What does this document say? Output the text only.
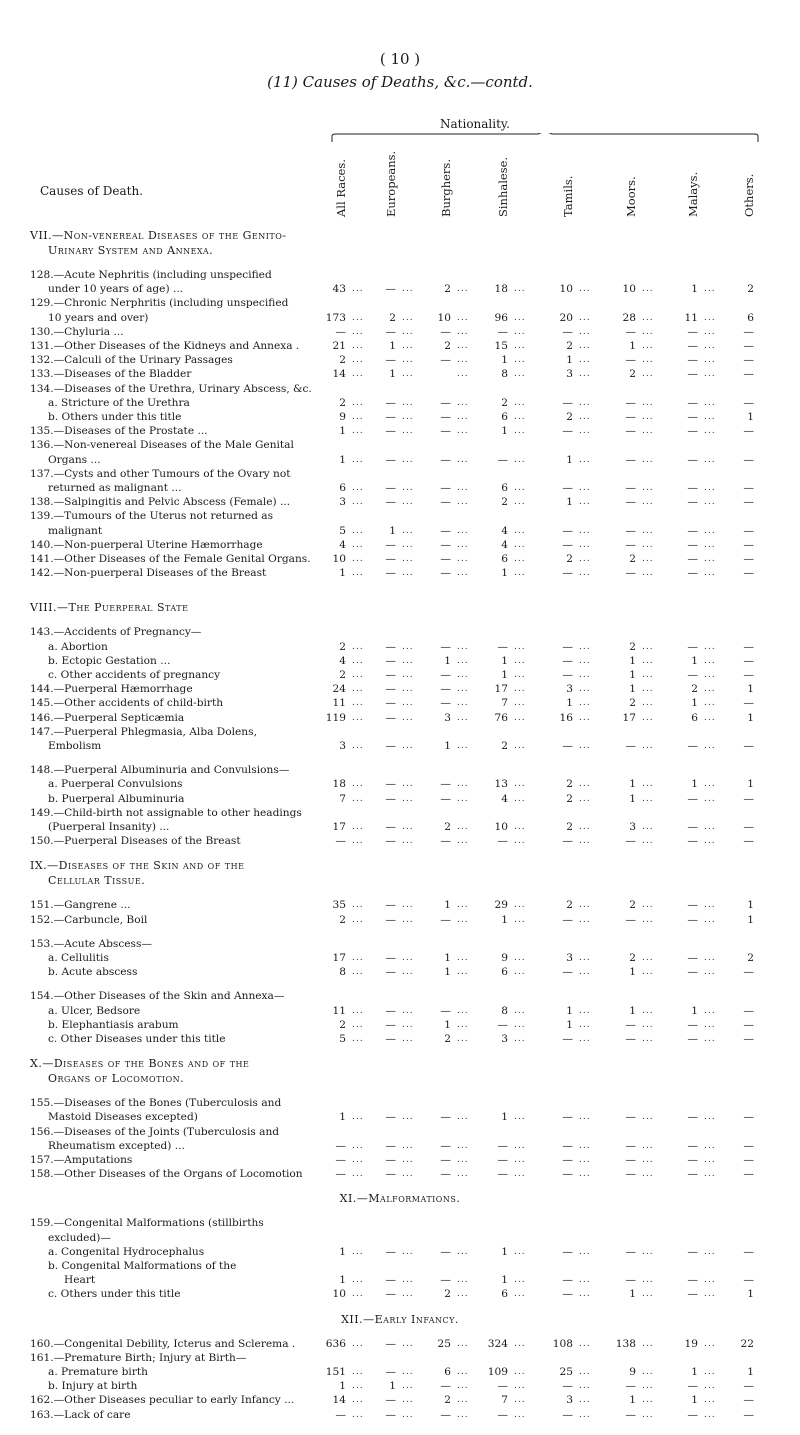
( 10 )
(11) Causes of Deaths, &c.—contd.
Nationality.
Causes of Death.	All Races.	Europeans.	Burghers.	Sinhalese.	Tamils.	Moors.	Malays.	Others.
VII.—Non-venereal Diseases of the Genito-
Urinary System and Annexa.
128.—Acute Nephritis (including unspecified
under 10 years of age) ...	43 ...	— ...	2 ...	18 ...	10 ...	10 ...	1 ...	2
129.—Chronic Nerphritis (including unspecified
10 years and over)	173 ...	2 ...	10 ...	96 ...	20 ...	28 ...	11 ...	6
130.—Chyluria ...	— ...	— ...	— ...	— ...	— ...	— ...	— ...	—
131.—Other Diseases of the Kidneys and Annexa .	21 ...	1 ...	2 ...	15 ...	2 ...	1 ...	— ...	—
132.—Calculi of the Urinary Passages	2 ...	— ...	— ...	1 ...	1 ...	— ...	— ...	—
133.—Diseases of the Bladder	14 ...	1 ...	...	8 ...	3 ...	2 ...	— ...	—
134.—Diseases of the Urethra, Urinary Abscess, &c.
a. Stricture of the Urethra	2 ...	— ...	— ...	2 ...	— ...	— ...	— ...	—
b. Others under this title	9 ...	— ...	— ...	6 ...	2 ...	— ...	— ...	1
135.—Diseases of the Prostate ...	1 ...	— ...	— ...	1 ...	— ...	— ...	— ...	—
136.—Non-venereal Diseases of the Male Genital
Organs ...	1 ...	— ...	— ...	— ...	1 ...	— ...	— ...	—
137.—Cysts and other Tumours of the Ovary not
returned as malignant ...	6 ...	— ...	— ...	6 ...	— ...	— ...	— ...	—
138.—Salpingitis and Pelvic Abscess (Female) ...	3 ...	— ...	— ...	2 ...	1 ...	— ...	— ...	—
139.—Tumours of the Uterus not returned as
malignant	5 ...	1 ...	— ...	4 ...	— ...	— ...	— ...	—
140.—Non-puerperal Uterine Hæmorrhage	4 ...	— ...	— ...	4 ...	— ...	— ...	— ...	—
141.—Other Diseases of the Female Genital Organs.	10 ...	— ...	— ...	6 ...	2 ...	2 ...	— ...	—
142.—Non-puerperal Diseases of the Breast	1 ...	— ...	— ...	1 ...	— ...	— ...	— ...	—
VIII.—The Puerperal State
143.—Accidents of Pregnancy—
a. Abortion	2 ...	— ...	— ...	— ...	— ...	2 ...	— ...	—
b. Ectopic Gestation ...	4 ...	— ...	1 ...	1 ...	— ...	1 ...	1 ...	—
c. Other accidents of pregnancy	2 ...	— ...	— ...	1 ...	— ...	1 ...	— ...	—
144.—Puerperal Hæmorrhage	24 ...	— ...	— ...	17 ...	3 ...	1 ...	2 ...	1
145.—Other accidents of child-birth	11 ...	— ...	— ...	7 ...	1 ...	2 ...	1 ...	—
146.—Puerperal Septicæmia	119 ...	— ...	3 ...	76 ...	16 ...	17 ...	6 ...	1
147.—Puerperal Phlegmasia, Alba Dolens,
Embolism	3 ...	— ...	1 ...	2 ...	— ...	— ...	— ...	—
148.—Puerperal Albuminuria and Convulsions—
a. Puerperal Convulsions	18 ...	— ...	— ...	13 ...	2 ...	1 ...	1 ...	1
b. Puerperal Albuminuria	7 ...	— ...	— ...	4 ...	2 ...	1 ...	— ...	—
149.—Child-birth not assignable to other headings
(Puerperal Insanity) ...	17 ...	— ...	2 ...	10 ...	2 ...	3 ...	— ...	—
150.—Puerperal Diseases of the Breast	— ...	— ...	— ...	— ...	— ...	— ...	— ...	—
IX.—Diseases of the Skin and of the
Cellular Tissue.
151.—Gangrene ...	35 ...	— ...	1 ...	29 ...	2 ...	2 ...	— ...	1
152.—Carbuncle, Boil	2 ...	— ...	— ...	1 ...	— ...	— ...	— ...	1
153.—Acute Abscess—
a. Cellulitis	17 ...	— ...	1 ...	9 ...	3 ...	2 ...	— ...	2
b. Acute abscess	8 ...	— ...	1 ...	6 ...	— ...	1 ...	— ...	—
154.—Other Diseases of the Skin and Annexa—
a. Ulcer, Bedsore	11 ...	— ...	— ...	8 ...	1 ...	1 ...	1 ...	—
b. Elephantiasis arabum	2 ...	— ...	1 ...	— ...	1 ...	— ...	— ...	—
c. Other Diseases under this title	5 ...	— ...	2 ...	3 ...	— ...	— ...	— ...	—
X.—Diseases of the Bones and of the
Organs of Locomotion.
155.—Diseases of the Bones (Tuberculosis and
Mastoid Diseases excepted)	1 ...	— ...	— ...	1 ...	— ...	— ...	— ...	—
156.—Diseases of the Joints (Tuberculosis and
Rheumatism excepted) ...	— ...	— ...	— ...	— ...	— ...	— ...	— ...	—
157.—Amputations	— ...	— ...	— ...	— ...	— ...	— ...	— ...	—
158.—Other Diseases of the Organs of Locomotion	— ...	— ...	— ...	— ...	— ...	— ...	— ...	—
XI.—Malformations.
159.—Congenital Malformations (stillbirths
excluded)—
a. Congenital Hydrocephalus	1 ...	— ...	— ...	1 ...	— ...	— ...	— ...	—
b. Congenital Malformations of the
Heart	1 ...	— ...	— ...	1 ...	— ...	— ...	— ...	—
c. Others under this title	10 ...	— ...	2 ...	6 ...	— ...	1 ...	— ...	1
XII.—Early Infancy.
160.—Congenital Debility, Icterus and Sclerema .	636 ...	— ...	25 ...	324 ...	108 ...	138 ...	19 ...	22
161.—Premature Birth; Injury at Birth—
a. Premature birth	151 ...	— ...	6 ...	109 ...	25 ...	9 ...	1 ...	1
b. Injury at birth	1 ...	1 ...	— ...	— ...	— ...	— ...	— ...	—
162.—Other Diseases peculiar to early Infancy ...	14 ...	— ...	2 ...	7 ...	3 ...	1 ...	1 ...	—
163.—Lack of care	— ...	— ...	— ...	— ...	— ...	— ...	— ...	—
